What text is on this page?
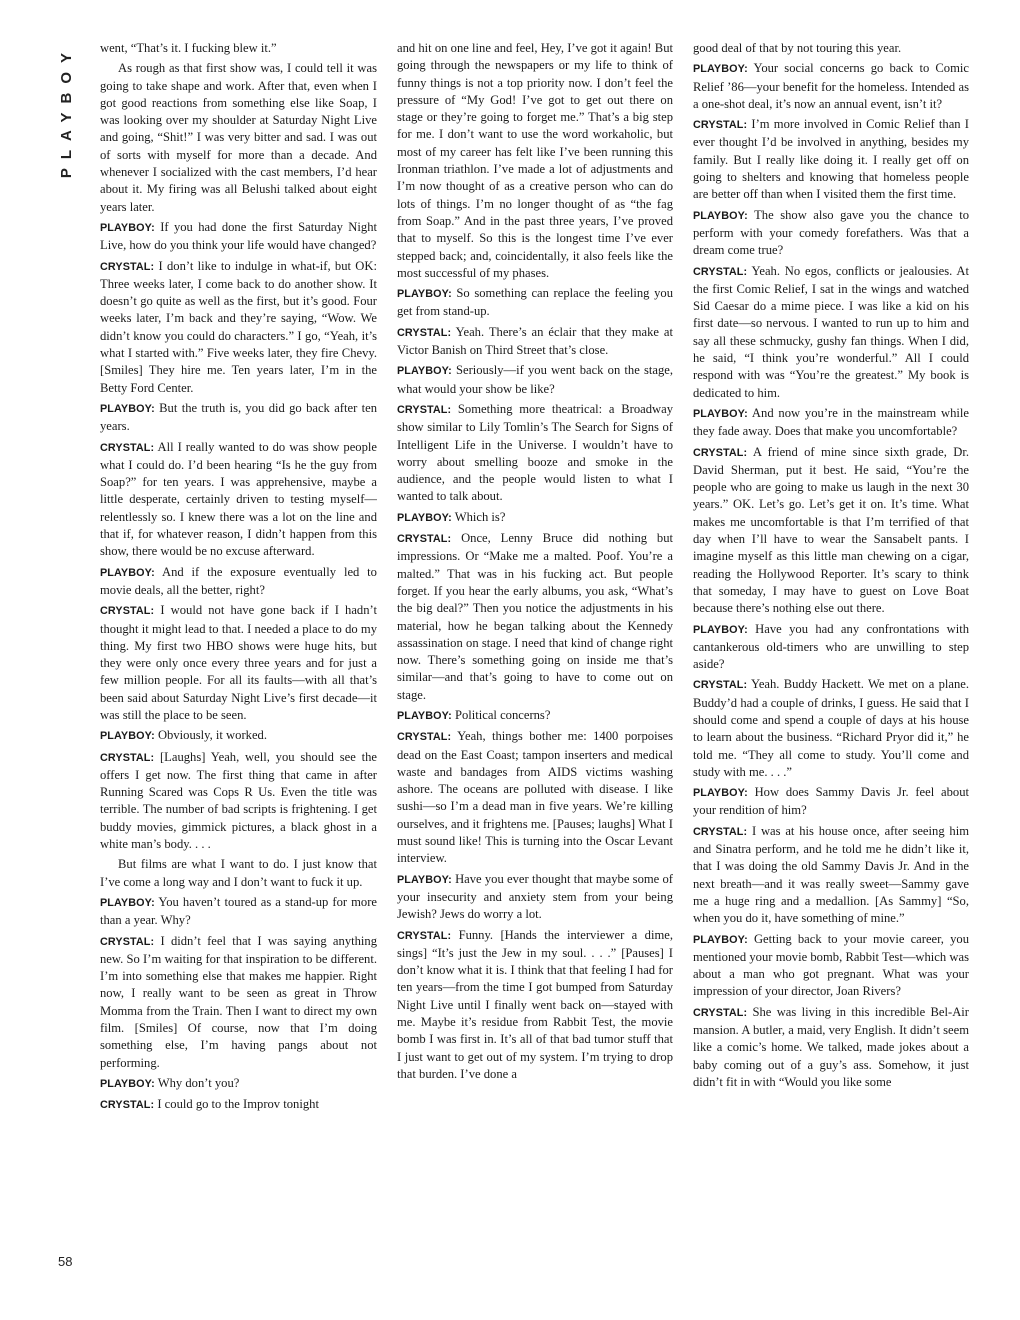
PLAYBOY
58

went, “That’s it. I fucking blew it.”

As rough as that first show was, I could tell it was going to take shape and work. After that, even when I got good reactions from something else like Soap, I was looking over my shoulder at Saturday Night Live and going, “Shit!” I was very bitter and sad. I was out of sorts with myself for more than a decade. And whenever I socialized with the cast members, I’d hear about it. My firing was all Belushi talked about eight years later.

PLAYBOY: If you had done the first Saturday Night Live, how do you think your life would have changed?

CRYSTAL: I don’t like to indulge in what-if, but OK: Three weeks later, I come back to do another show. It doesn’t go quite as well as the first, but it’s good. Four weeks later, I’m back and they’re saying, “Wow. We didn’t know you could do characters.” I go, “Yeah, it’s what I started with.” Five weeks later, they fire Chevy. [Smiles] They hire me. Ten years later, I’m in the Betty Ford Center.

PLAYBOY: But the truth is, you did go back after ten years.

CRYSTAL: All I really wanted to do was show people what I could do. I’d been hearing “Is he the guy from Soap?” for ten years. I was apprehensive, maybe a little desperate, certainly driven to testing myself—relentlessly so. I knew there was a lot on the line and that if, for whatever reason, I didn’t happen from this show, there would be no excuse afterward.

PLAYBOY: And if the exposure eventually led to movie deals, all the better, right?

CRYSTAL: I would not have gone back if I hadn’t thought it might lead to that. I needed a place to do my thing. My first two HBO shows were huge hits, but they were only once every three years and for just a few million people. For all its faults—with all that’s been said about Saturday Night Live’s first decade—it was still the place to be seen.

PLAYBOY: Obviously, it worked.

CRYSTAL: [Laughs] Yeah, well, you should see the offers I get now. The first thing that came in after Running Scared was Cops R Us. Even the title was terrible. The number of bad scripts is frightening. I get buddy movies, gimmick pictures, a black ghost in a white man’s body. . . .

But films are what I want to do. I just know that I’ve come a long way and I don’t want to fuck it up.

PLAYBOY: You haven’t toured as a stand-up for more than a year. Why?

CRYSTAL: I didn’t feel that I was saying anything new. So I’m waiting for that inspiration to be different. I’m into something else that makes me happier. Right now, I really want to be seen as great in Throw Momma from the Train. Then I want to direct my own film. [Smiles] Of course, now that I’m doing something else, I’m having pangs about not performing.

PLAYBOY: Why don’t you?

CRYSTAL: I could go to the Improv tonight

and hit on one line and feel, Hey, I’ve got it again! But going through the newspapers or my life to think of funny things is not a top priority now. I don’t feel the pressure of “My God! I’ve got to get out there on stage or they’re going to forget me.” That’s a big step for me. I don’t want to use the word workaholic, but most of my career has felt like I’ve been running this Ironman triathlon. I’ve made a lot of adjustments and I’m now thought of as a creative person who can do lots of things. I’m no longer thought of as “the fag from Soap.” And in the past three years, I’ve proved that to myself. So this is the longest time I’ve ever stepped back; and, coincidentally, it also feels like the most successful of my phases.

PLAYBOY: So something can replace the feeling you get from stand-up.

CRYSTAL: Yeah. There’s an éclair that they make at Victor Banish on Third Street that’s close.

PLAYBOY: Seriously—if you went back on the stage, what would your show be like?

CRYSTAL: Something more theatrical: a Broadway show similar to Lily Tomlin’s The Search for Signs of Intelligent Life in the Universe. I wouldn’t have to worry about smelling booze and smoke in the audience, and the people would listen to what I wanted to talk about.

PLAYBOY: Which is?

CRYSTAL: Once, Lenny Bruce did nothing but impressions. Or “Make me a malted. Poof. You’re a malted.” That was in his fucking act. But people forget. If you hear the early albums, you ask, “What’s the big deal?” Then you notice the adjustments in his material, how he began talking about the Kennedy assassination on stage. I need that kind of change right now. There’s something going on inside me that’s similar—and that’s going to have to come out on stage.

PLAYBOY: Political concerns?

CRYSTAL: Yeah, things bother me: 1400 porpoises dead on the East Coast; tampon inserters and medical waste and bandages from AIDS victims washing ashore. The oceans are polluted with disease. I like sushi—so I’m a dead man in five years. We’re killing ourselves, and it frightens me. [Pauses; laughs] What I must sound like! This is turning into the Oscar Levant interview.

PLAYBOY: Have you ever thought that maybe some of your insecurity and anxiety stem from your being Jewish? Jews do worry a lot.

CRYSTAL: Funny. [Hands the interviewer a dime, sings] “It’s just the Jew in my soul. . . .” [Pauses] I don’t know what it is. I think that that feeling I had for ten years—from the time I got bumped from Saturday Night Live until I finally went back on—stayed with me. Maybe it’s residue from Rabbit Test, the movie bomb I was first in. It’s all of that bad tumor stuff that I just want to get out of my system. I’m trying to drop that burden. I’ve done a

good deal of that by not touring this year.

PLAYBOY: Your social concerns go back to Comic Relief ’86—your benefit for the homeless. Intended as a one-shot deal, it’s now an annual event, isn’t it?

CRYSTAL: I’m more involved in Comic Relief than I ever thought I’d be involved in anything, besides my family. But I really like doing it. I really get off on going to shelters and knowing that homeless people are better off than when I visited them the first time.

PLAYBOY: The show also gave you the chance to perform with your comedy forefathers. Was that a dream come true?

CRYSTAL: Yeah. No egos, conflicts or jealousies. At the first Comic Relief, I sat in the wings and watched Sid Caesar do a mime piece. I was like a kid on his first date—so nervous. I wanted to run up to him and say all these schmucky, gushy fan things. When I did, he said, “I think you’re wonderful.” All I could respond with was “You’re the greatest.” My book is dedicated to him.

PLAYBOY: And now you’re in the mainstream while they fade away. Does that make you uncomfortable?

CRYSTAL: A friend of mine since sixth grade, Dr. David Sherman, put it best. He said, “You’re the people who are going to make us laugh in the next 30 years.” OK. Let’s go. Let’s get it on. It’s time. What makes me uncomfortable is that I’m terrified of that day when I’ll have to wear the Sansabelt pants. I imagine myself as this little man chewing on a cigar, reading the Hollywood Reporter. It’s scary to think that someday, I may have to guest on Love Boat because there’s nothing else out there.

PLAYBOY: Have you had any confrontations with cantankerous old-timers who are unwilling to step aside?

CRYSTAL: Yeah. Buddy Hackett. We met on a plane. Buddy’d had a couple of drinks, I guess. He said that I should come and spend a couple of days at his house to learn about the business. “Richard Pryor did it,” he told me. “They all come to study. You’ll come and study with me. . . .”

PLAYBOY: How does Sammy Davis Jr. feel about your rendition of him?

CRYSTAL: I was at his house once, after seeing him and Sinatra perform, and he told me he didn’t like it, that I was doing the old Sammy Davis Jr. And in the next breath—and it was really sweet—Sammy gave me a huge ring and a medallion. [As Sammy] “So, when you do it, have something of mine.”

PLAYBOY: Getting back to your movie career, you mentioned your movie bomb, Rabbit Test—which was about a man who got pregnant. What was your impression of your director, Joan Rivers?

CRYSTAL: She was living in this incredible Bel-Air mansion. A butler, a maid, very English. It didn’t seem like a comic’s home. We talked, made jokes about a baby coming out of a guy’s ass. Somehow, it just didn’t fit in with “Would you like some
